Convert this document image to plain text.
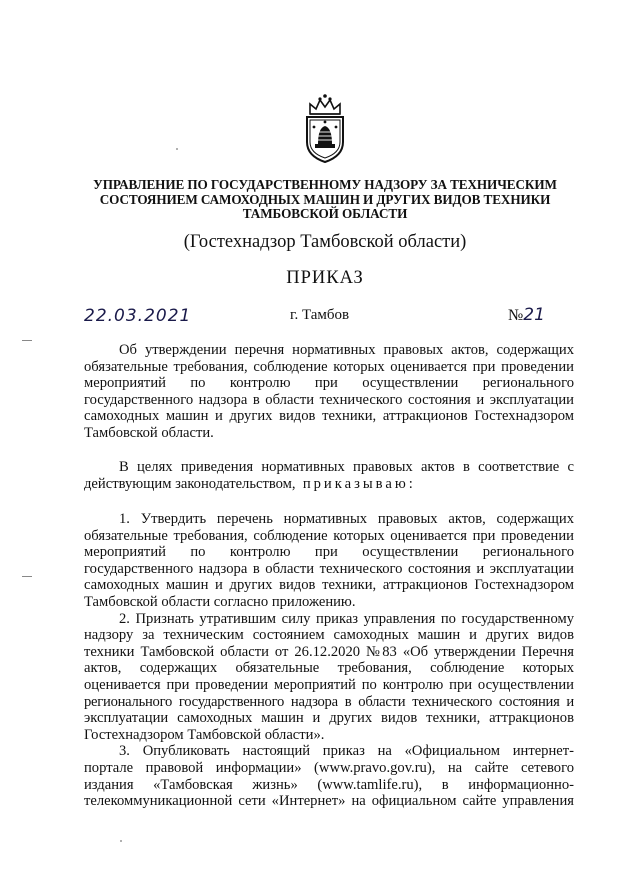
УПРАВЛЕНИЕ ПО ГОСУДАРСТВЕННОМУ НАДЗОРУ ЗА ТЕХНИЧЕСКИМ
СОСТОЯНИЕМ САМОХОДНЫХ МАШИН И ДРУГИХ ВИДОВ ТЕХНИКИ
ТАМБОВСКОЙ ОБЛАСТИ
(Гостехнадзор Тамбовской области)
ПРИКАЗ
22.03.2021	г. Тамбов	№21
Об утверждении перечня нормативных правовых актов, содержащих
обязательные требования, соблюдение которых оценивается при проведении
мероприятий по контролю при осуществлении регионального
государственного надзора в области технического состояния и эксплуатации
самоходных машин и других видов техники, аттракционов Гостехнадзором
Тамбовской области.
В целях приведения нормативных правовых актов в соответствие с
действующим законодательством, приказываю:
1. Утвердить перечень нормативных правовых актов, содержащих
обязательные требования, соблюдение которых оценивается при проведении
мероприятий по контролю при осуществлении регионального
государственного надзора в области технического состояния и эксплуатации
самоходных машин и других видов техники, аттракционов Гостехнадзором
Тамбовской области согласно приложению.
2. Признать утратившим силу приказ управления по государственному
надзору за техническим состоянием самоходных машин и других видов
техники Тамбовской области от 26.12.2020 №83 «Об утверждении Перечня
актов, содержащих обязательные требования, соблюдение которых
оценивается при проведении мероприятий по контролю при осуществлении
регионального государственного надзора в области технического состояния и
эксплуатации самоходных машин и других видов техники, аттракционов
Гостехнадзором Тамбовской области».
3. Опубликовать настоящий приказ на «Официальном интернет-
портале правовой информации» (www.pravo.gov.ru), на сайте сетевого
издания «Тамбовская жизнь» (www.tamlife.ru), в информационно-
телекоммуникационной сети «Интернет» на официальном сайте управления
